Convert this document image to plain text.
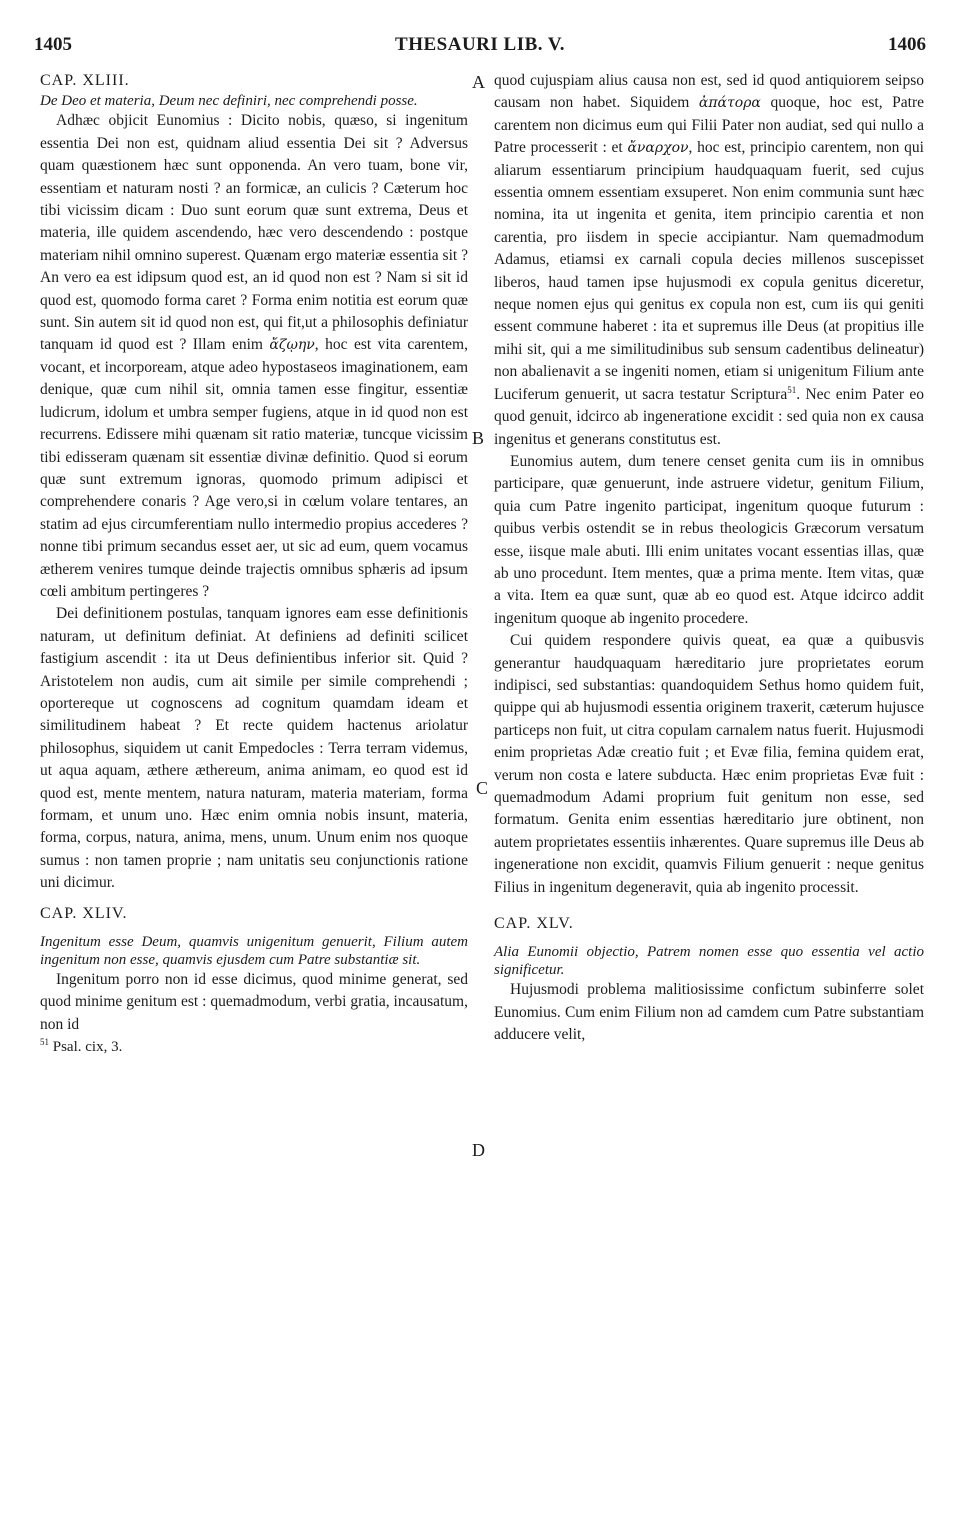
1405	THESAURI LIB. V.	1406
A
B
C
D

CAP. XLIII.

De Deo et materia, Deum nec definiri, nec comprehendi posse.

Adhæc objicit Eunomius : Dicito nobis, quæso, si ingenitum essentia Dei non est, quidnam aliud essentia Dei sit ? Adversus quam quæstionem hæc sunt opponenda. An vero tuam, bone vir, essentiam et naturam nosti ? an formicæ, an culicis ? Cæterum hoc tibi vicissim dicam : Duo sunt eorum quæ sunt extrema, Deus et materia, ille quidem ascendendo, hæc vero descendendo : postque materiam nihil omnino superest. Quænam ergo materiæ essentia sit ? An vero ea est idipsum quod est, an id quod non est ? Nam si sit id quod est, quomodo forma caret ? Forma enim notitia est eorum quæ sunt. Sin autem sit id quod non est, qui fit,ut a philosophis definiatur tanquam id quod est ? Illam enim ἄζῳην, hoc est vita carentem, vocant, et incorpoream, atque adeo hypostaseos imaginationem, eam denique, quæ cum nihil sit, omnia tamen esse fingitur, essentiæ ludicrum, idolum et umbra semper fugiens, atque in id quod non est recurrens. Edissere mihi quænam sit ratio materiæ, tuncque vicissim tibi edisseram quænam sit essentiæ divinæ definitio. Quod si eorum quæ sunt extremum ignoras, quomodo primum adipisci et comprehendere conaris ? Age vero,si in cœlum volare tentares, an statim ad ejus circumferentiam nullo intermedio propius accederes ? nonne tibi primum secandus esset aer, ut sic ad eum, quem vocamus ætherem venires tumque deinde trajectis omnibus sphæris ad ipsum cœli ambitum pertingeres ?

Dei definitionem postulas, tanquam ignores eam esse definitionis naturam, ut definitum definiat. At definiens ad definiti scilicet fastigium ascendit : ita ut Deus definientibus inferior sit. Quid ? Aristotelem non audis, cum ait simile per simile comprehendi ; oportereque ut cognoscens ad cognitum quamdam ideam et similitudinem habeat ? Et recte quidem hactenus ariolatur philosophus, siquidem ut canit Empedocles : Terra terram videmus, ut aqua aquam, æthere æthereum, anima animam, eo quod est id quod est, mente mentem, natura naturam, materia materiam, forma formam, et unum uno. Hæc enim omnia nobis insunt, materia, forma, corpus, natura, anima, mens, unum. Unum enim nos quoque sumus : non tamen proprie ; nam unitatis seu conjunctionis ratione uni dicimur.

CAP. XLIV.

Ingenitum esse Deum, quamvis unigenitum genuerit, Filium autem ingenitum non esse, quamvis ejusdem cum Patre substantiæ sit.

Ingenitum porro non id esse dicimus, quod minime generat, sed quod minime genitum est : quemadmodum, verbi gratia, incausatum, non id

$^{51}$ Psal. cix, 3.

quod cujuspiam alius causa non est, sed id quod antiquiorem seipso causam non habet. Siquidem ἀπάτορα quoque, hoc est, Patre carentem non dicimus eum qui Filii Pater non audiat, sed qui nullo a Patre processerit : et ἄναρχον, hoc est, principio carentem, non qui aliarum essentiarum principium haudquaquam fuerit, sed cujus essentia omnem essentiam exsuperet. Non enim communia sunt hæc nomina, ita ut ingenita et genita, item principio carentia et non carentia, pro iisdem in specie accipiantur. Nam quemadmodum Adamus, etiamsi ex carnali copula decies millenos suscepisset liberos, haud tamen ipse hujusmodi ex copula genitus diceretur, neque nomen ejus qui genitus ex copula non est, cum iis qui geniti essent commune haberet : ita et supremus ille Deus (at propitius ille mihi sit, qui a me similitudinibus sub sensum cadentibus delineatur) non abalienavit a se ingeniti nomen, etiam si unigenitum Filium ante Luciferum genuerit, ut sacra testatur Scriptura$^{51}$. Nec enim Pater eo quod genuit, idcirco ab ingeneratione excidit : sed quia non ex causa ingenitus et generans constitutus est.

Eunomius autem, dum tenere censet genita cum iis in omnibus participare, quæ genuerunt, inde astruere videtur, genitum Filium, quia cum Patre ingenito participat, ingenitum quoque futurum : quibus verbis ostendit se in rebus theologicis Græcorum versatum esse, iisque male abuti. Illi enim unitates vocant essentias illas, quæ ab uno procedunt. Item mentes, quæ a prima mente. Item vitas, quæ a vita. Item ea quæ sunt, quæ ab eo quod est. Atque idcirco addit ingenitum quoque ab ingenito procedere.

Cui quidem respondere quivis queat, ea quæ a quibusvis generantur haudquaquam hæreditario jure proprietates eorum indipisci, sed substantias: quandoquidem Sethus homo quidem fuit, quippe qui ab hujusmodi essentia originem traxerit, cæterum hujusce particeps non fuit, ut citra copulam carnalem natus fuerit. Hujusmodi enim proprietas Adæ creatio fuit ; et Evæ filia, femina quidem erat, verum non costa e latere subducta. Hæc enim proprietas Evæ fuit : quemadmodum Adami proprium fuit genitum non esse, sed formatum. Genita enim essentias hæreditario jure obtinent, non autem proprietates essentiis inhærentes. Quare supremus ille Deus ab ingeneratione non excidit, quamvis Filium genuerit : neque genitus Filius in ingenitum degeneravit, quia ab ingenito processit.

CAP. XLV.

Alia Eunomii objectio, Patrem nomen esse quo essentia vel actio significetur.

Hujusmodi problema malitiosissime confictum subinferre solet Eunomius. Cum enim Filium non ad camdem cum Patre substantiam adducere velit,
